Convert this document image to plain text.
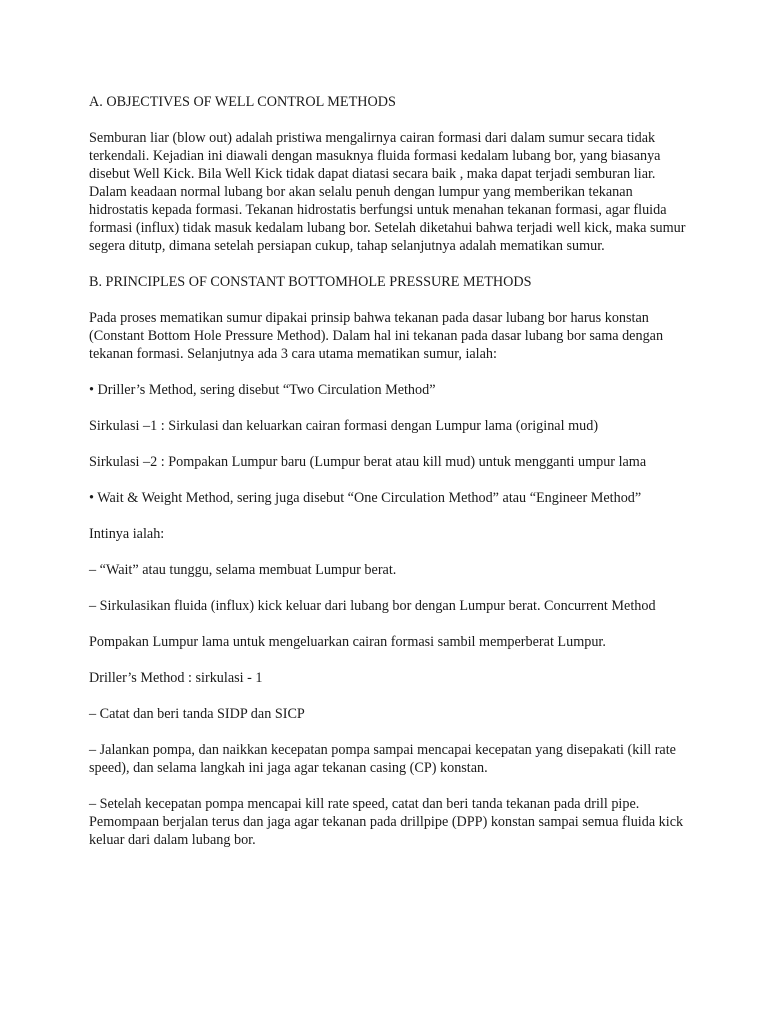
A. OBJECTIVES OF WELL CONTROL METHODS

Semburan liar (blow out) adalah pristiwa mengalirnya cairan formasi dari dalam sumur secara tidak terkendali. Kejadian ini diawali dengan masuknya fluida formasi kedalam lubang bor, yang biasanya disebut Well Kick. Bila Well Kick tidak dapat diatasi secara baik , maka dapat terjadi semburan liar. Dalam keadaan normal lubang bor akan selalu penuh dengan lumpur yang memberikan tekanan hidrostatis kepada formasi. Tekanan hidrostatis berfungsi untuk menahan tekanan formasi, agar fluida formasi (influx) tidak masuk kedalam lubang bor. Setelah diketahui bahwa terjadi well kick, maka sumur segera ditutp, dimana setelah persiapan cukup, tahap selanjutnya adalah mematikan sumur.

B. PRINCIPLES OF CONSTANT BOTTOMHOLE PRESSURE METHODS

Pada proses mematikan sumur dipakai prinsip bahwa tekanan pada dasar lubang bor harus konstan (Constant Bottom Hole Pressure Method). Dalam hal ini tekanan pada dasar lubang bor sama dengan tekanan formasi. Selanjutnya ada 3 cara utama mematikan sumur, ialah:

• Driller’s Method, sering disebut “Two Circulation Method”

Sirkulasi –1 : Sirkulasi dan keluarkan cairan formasi dengan Lumpur lama (original mud)

Sirkulasi –2 : Pompakan Lumpur baru (Lumpur berat atau kill mud) untuk mengganti umpur lama

• Wait & Weight Method, sering juga disebut “One Circulation Method” atau “Engineer Method”

Intinya ialah:

– “Wait” atau tunggu, selama membuat Lumpur berat.

– Sirkulasikan fluida (influx) kick keluar dari lubang bor dengan Lumpur berat. Concurrent Method

Pompakan Lumpur lama untuk mengeluarkan cairan formasi sambil memperberat Lumpur.

Driller’s Method : sirkulasi - 1

– Catat dan beri tanda SIDP dan SICP

– Jalankan pompa, dan naikkan kecepatan pompa sampai mencapai kecepatan yang disepakati (kill rate speed), dan selama langkah ini jaga agar tekanan casing (CP) konstan.

– Setelah kecepatan pompa mencapai kill rate speed, catat dan beri tanda tekanan pada drill pipe. Pemompaan berjalan terus dan jaga agar tekanan pada drillpipe (DPP) konstan sampai semua fluida kick keluar dari dalam lubang bor.
